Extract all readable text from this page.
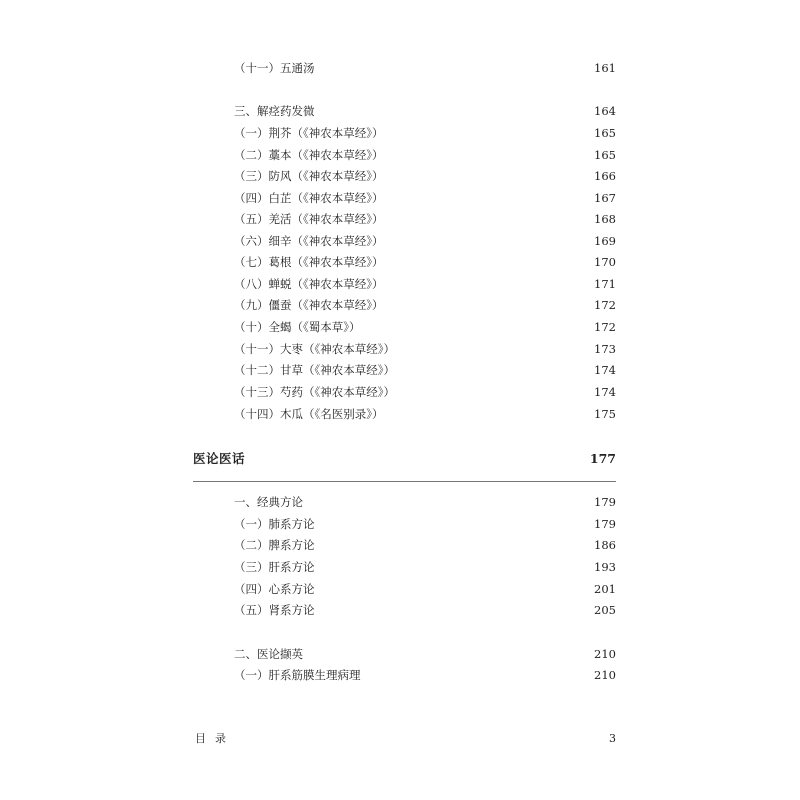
（十一）五通汤	161
三、解痉药发微	164
（一）荆芥（《神农本草经》）	165
（二）藁本（《神农本草经》）	165
（三）防风（《神农本草经》）	166
（四）白芷（《神农本草经》）	167
（五）羌活（《神农本草经》）	168
（六）细辛（《神农本草经》）	169
（七）葛根（《神农本草经》）	170
（八）蝉蜕（《神农本草经》）	171
（九）僵蚕（《神农本草经》）	172
（十）全蝎（《蜀本草》）	172
（十一）大枣（《神农本草经》）	173
（十二）甘草（《神农本草经》）	174
（十三）芍药（《神农本草经》）	174
（十四）木瓜（《名医别录》）	175
医论医话	177
一、经典方论	179
（一）肺系方论	179
（二）脾系方论	186
（三）肝系方论	193
（四）心系方论	201
（五）肾系方论	205
二、医论撷英	210
（一）肝系筋膜生理病理	210
目录	3
